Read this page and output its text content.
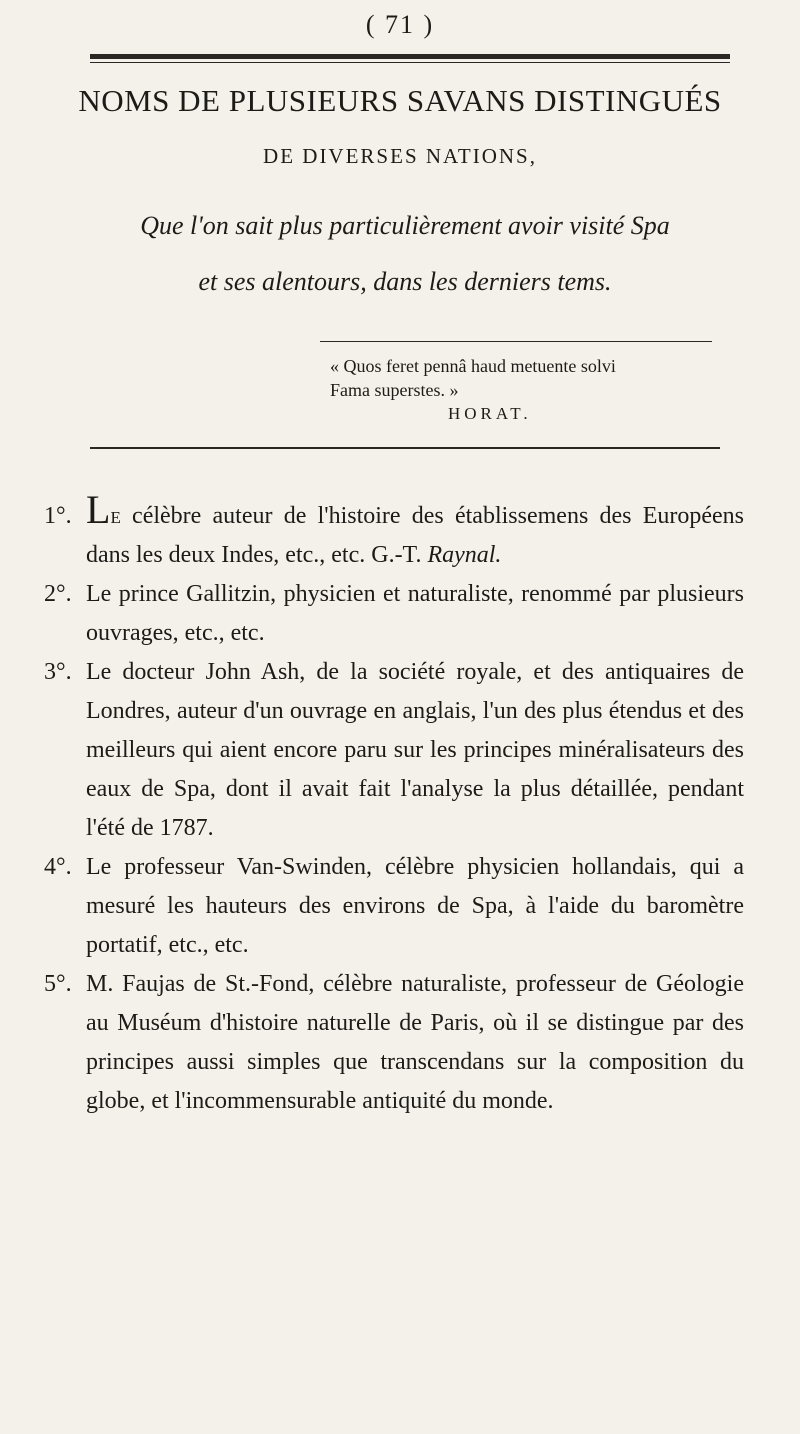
( 71 )
NOMS DE PLUSIEURS SAVANS DISTINGUÉS
DE DIVERSES NATIONS,
Que l'on sait plus particulièrement avoir visité Spa
et ses alentours, dans les derniers tems.
« Quos feret pennâ haud metuente solvi
Fama superstes. »
HORAT.
1°. Le célèbre auteur de l'histoire des établissemens des Européens dans les deux Indes, etc., etc. G.-T. Raynal.
2°. Le prince Gallitzin, physicien et naturaliste, renommé par plusieurs ouvrages, etc., etc.
3°. Le docteur John Ash, de la société royale, et des antiquaires de Londres, auteur d'un ouvrage en anglais, l'un des plus étendus et des meilleurs qui aient encore paru sur les principes minéralisateurs des eaux de Spa, dont il avait fait l'analyse la plus détaillée, pendant l'été de 1787.
4°. Le professeur Van-Swinden, célèbre physicien hollandais, qui a mesuré les hauteurs des environs de Spa, à l'aide du baromètre portatif, etc., etc.
5°. M. Faujas de St.-Fond, célèbre naturaliste, professeur de Géologie au Muséum d'histoire naturelle de Paris, où il se distingue par des principes aussi simples que transcendans sur la composition du globe, et l'incommensurable antiquité du monde.
